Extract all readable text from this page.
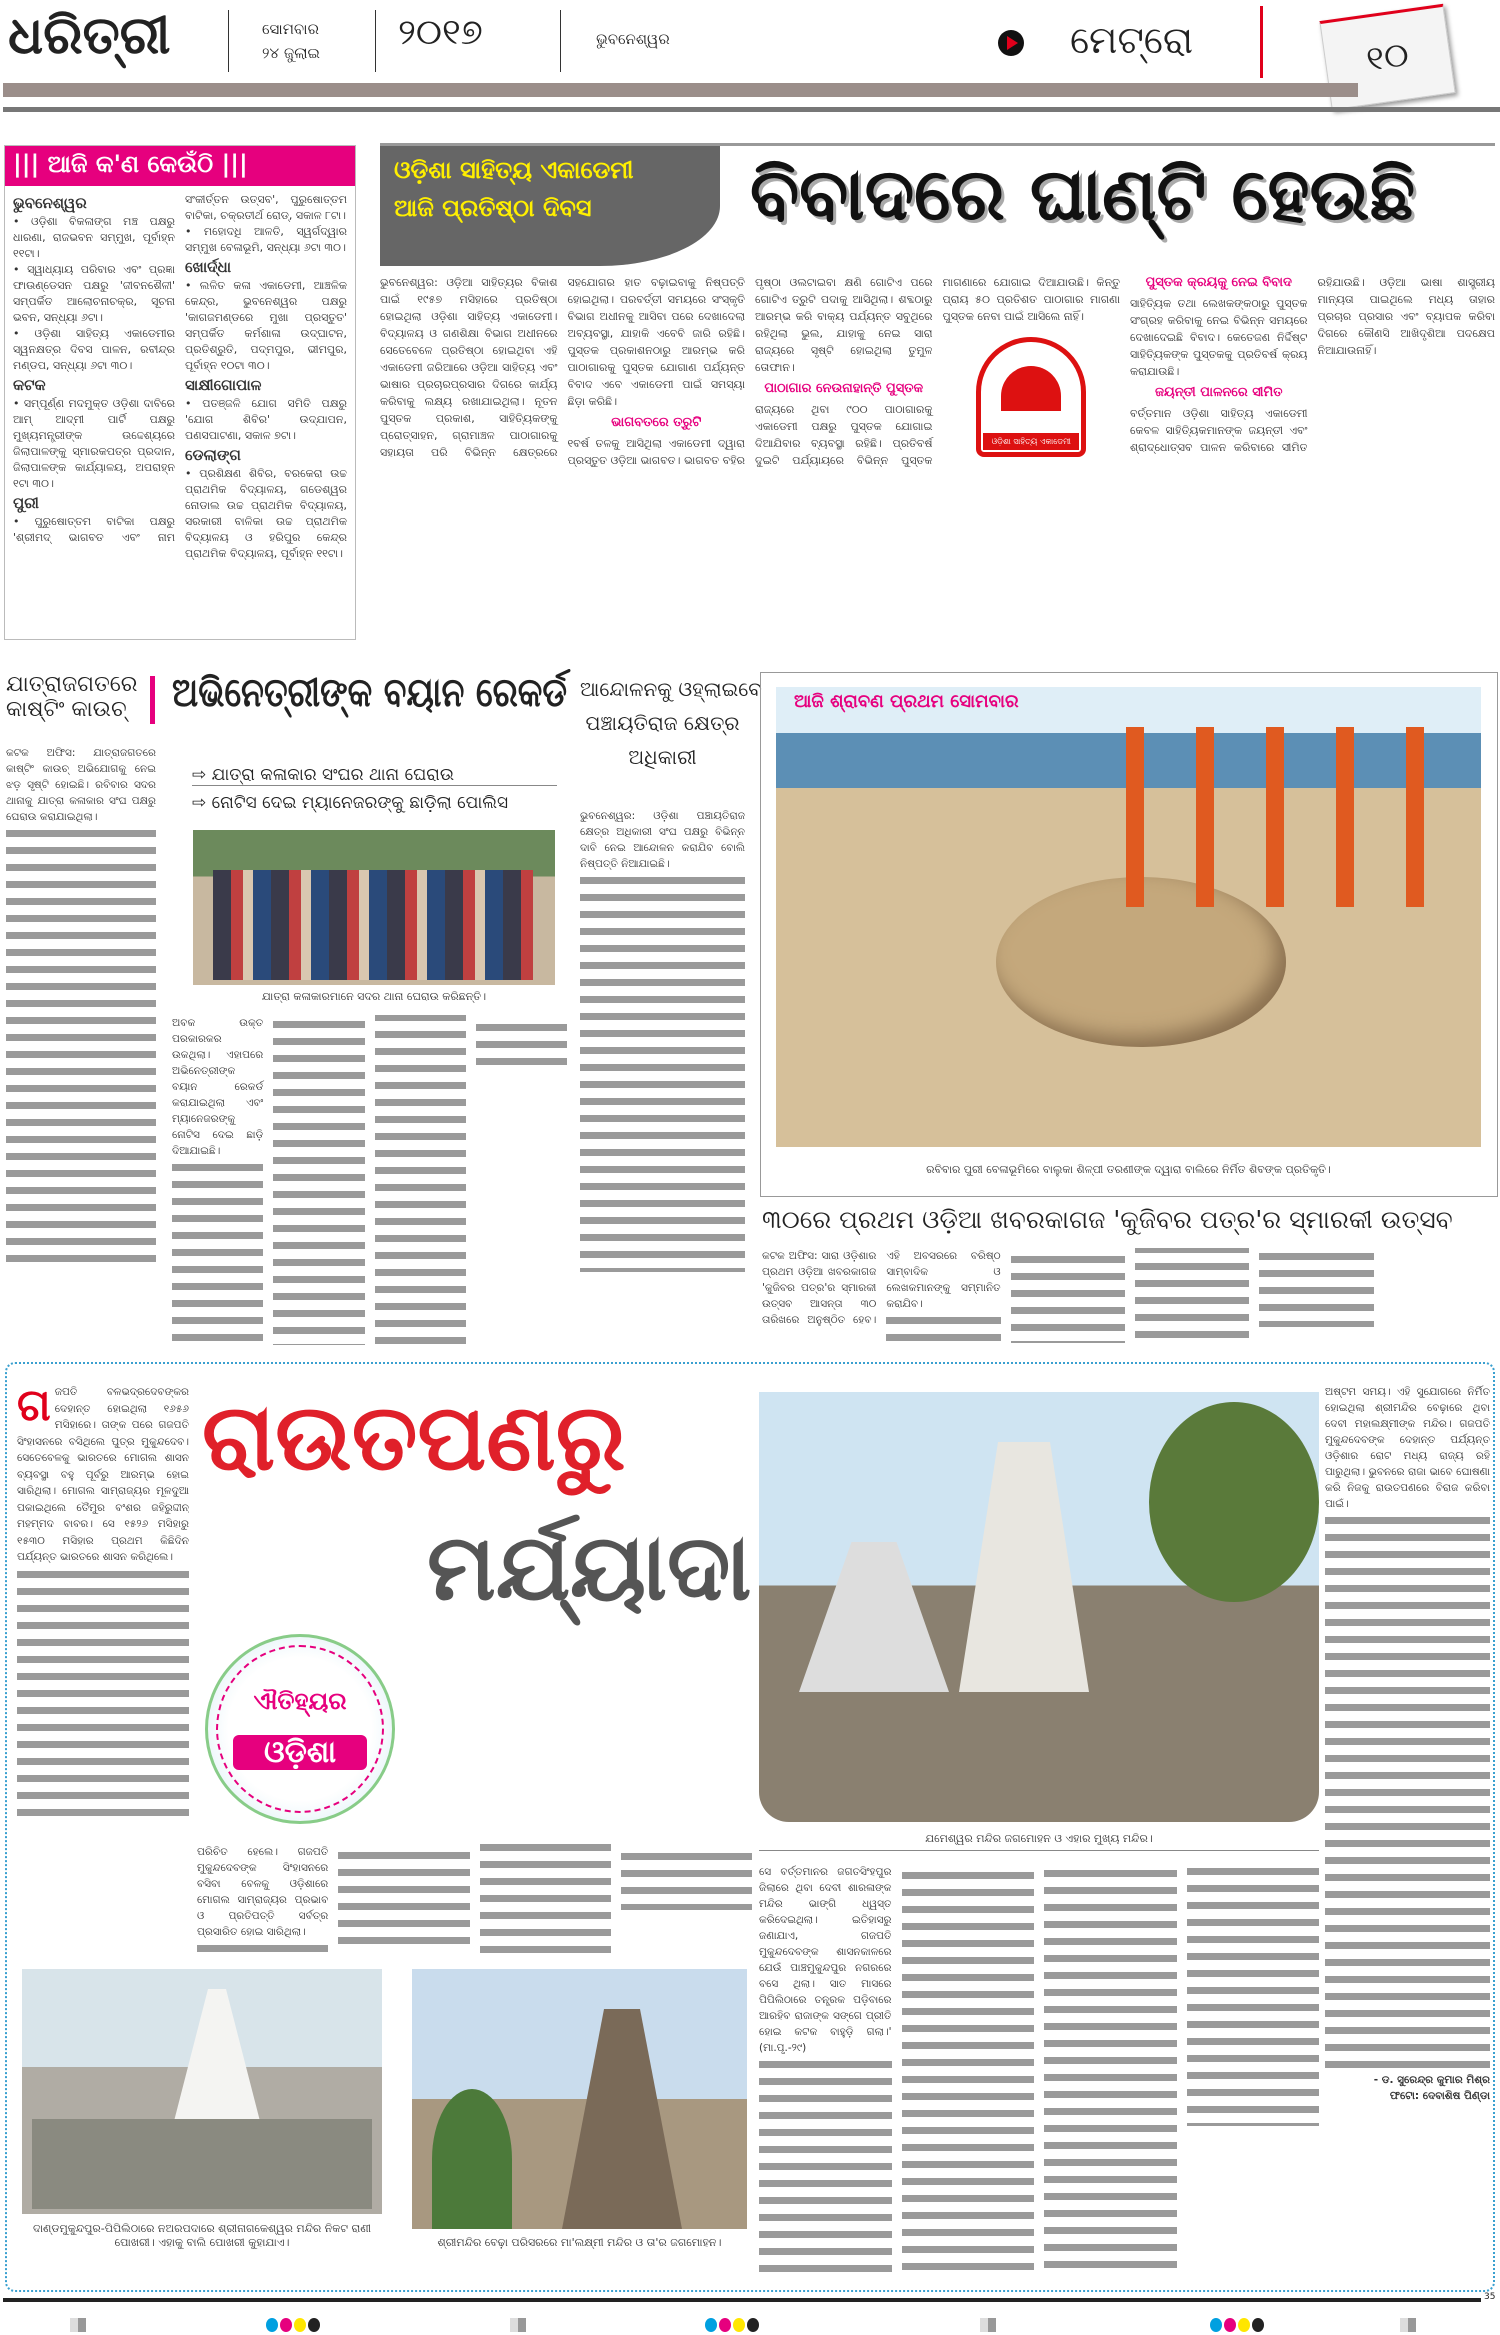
ଧରିତ୍ରୀ	ସୋମବାର
୨୪ ଜୁଲାଇ ୨୦୧୭	ଭୁବନେଶ୍ୱର	ମେଟ୍ରୋ	୧୦
||| ଆଜି କ'ଣ କେଉଁଠି |||
ଭୁବନେଶ୍ୱର
• ଓଡ଼ିଶା ବିକଳାଙ୍ଗ ମଞ୍ଚ ପକ୍ଷରୁ ଧାରଣା, ରାଜଭବନ ସମ୍ମୁଖ, ପୂର୍ବାହ୍ନ ୧୧ଟା।
• ସ୍ୱାଧ୍ୟାୟ ପରିବାର ଏବଂ ପ୍ରଜ୍ଞା ଫାଉଣ୍ଡେସନ ପକ୍ଷରୁ 'ଜୀବନଶୈଳୀ' ସମ୍ପର୍କିତ ଆଲୋଚନାଚକ୍ର, ସୂଚନା ଭବନ, ସନ୍ଧ୍ୟା ୬ଟା।
• ଓଡ଼ିଶା ସାହିତ୍ୟ ଏକାଡେମୀର ସ୍ୱନକ୍ଷତ୍ର ଦିବସ ପାଳନ, ରବୀନ୍ଦ୍ର ମଣ୍ଡପ, ସନ୍ଧ୍ୟା ୬ଟା ୩୦।
କଟକ
• ସମ୍ପୂର୍ଣ୍ଣ ମଦମୁକ୍ତ ଓଡ଼ିଶା ଦାବିରେ ଆମ୍ ଆଦ୍‌ମୀ ପାର୍ଟି ପକ୍ଷରୁ ମୁଖ୍ୟମନ୍ତ୍ରୀଙ୍କ ଉଦ୍ଦେଶ୍ୟରେ ଜିଲାପାଳଙ୍କୁ ସ୍ମାରକପତ୍ର ପ୍ରଦାନ, ଜିଲାପାଳଙ୍କ କାର୍ଯ୍ୟାଳୟ, ଅପରାହ୍ନ ୧ଟା ୩୦।
ପୁରୀ
• ପୁରୁଷୋତ୍ତମ ବାଟିକା ପକ୍ଷରୁ 'ଶ୍ରୀମଦ୍ ଭାଗବତ ଏବଂ ନାମ ସଂକୀର୍ତ୍ତନ ଉତ୍ସବ', ପୁରୁଷୋତ୍ତମ ବାଟିକା, ଚକ୍ରତୀର୍ଥ ରୋଡ୍, ସକାଳ ୮ଟା।
• ମହୋଦଧି ଆଳତି, ସ୍ୱର୍ଗଦ୍ୱାର ସମ୍ମୁଖ ବେଳାଭୂମି, ସନ୍ଧ୍ୟା ୬ଟା ୩୦।
ଖୋର୍ଦ୍ଧା
• ଲଳିତ କଳା ଏକାଡେମୀ, ଆଞ୍ଚଳିକ କେନ୍ଦ୍ର, ଭୁବନେଶ୍ୱର ପକ୍ଷରୁ 'କାଗଜମଣ୍ଡରେ ମୁଖା ପ୍ରସ୍ତୁତ' ସମ୍ପର୍କିତ କର୍ମଶାଳା ଉଦ୍‌ଘାଟନ, ପ୍ରତିଶ୍ରୁତି, ପଦ୍ମପୁର, ଭୀମପୁର, ପୂର୍ବାହ୍ନ ୧୦ଟା ୩୦।
ସାକ୍ଷୀଗୋପାଳ
• ପତଞ୍ଜଳି ଯୋଗ ସମିତି ପକ୍ଷରୁ 'ଯୋଗ ଶିବିର' ଉଦ୍‌ଯାପନ, ପଣସପାଟଣା, ସକାଳ ୭ଟା।
ଡେଲାଙ୍ଗ
• ପ୍ରଶିକ୍ଷଣ ଶିବିର, ବରକେରା ଉଚ୍ଚ ପ୍ରାଥମିକ ବିଦ୍ୟାଳୟ, ଗଡେଶ୍ୱର ନୋଡାଲ ଉଚ୍ଚ ପ୍ରାଥମିକ ବିଦ୍ୟାଳୟ, ସରକାରୀ ବାଳିକା ଉଚ୍ଚ ପ୍ରାଥମିକ ବିଦ୍ୟାଳୟ ଓ ହରିପୁର କେନ୍ଦ୍ର ପ୍ରାଥମିକ ବିଦ୍ୟାଳୟ, ପୂର୍ବାହ୍ନ ୧୧ଟା।
ଓଡ଼ିଶା ସାହିତ୍ୟ ଏକାଡେମୀ ଆଜି ପ୍ରତିଷ୍ଠା ଦିବସ	ବିବାଦରେ ଘାଣ୍ଟି ହେଉଛି

ଭୁବନେଶ୍ୱର: ଓଡ଼ିଆ ସାହିତ୍ୟର ବିକାଶ ପାଇଁ ୧୯୫୭ ମସିହାରେ ପ୍ରତିଷ୍ଠା ହୋଇଥିଲା ଓଡ଼ିଶା ସାହିତ୍ୟ ଏକାଡେମୀ। ବିଦ୍ୟାଳୟ ଓ ଗଣଶିକ୍ଷା ବିଭାଗ ଅଧୀନରେ ସେତେବେଳେ ପ୍ରତିଷ୍ଠା ହୋଇଥିବା ଏହି ଏକାଡେମୀ ଜରିଆରେ ଓଡ଼ିଆ ସାହିତ୍ୟ ଏବଂ ଭାଷାର ପ୍ରଚାରପ୍ରସାର ଦିଗରେ କାର୍ଯ୍ୟ କରିବାକୁ ଲକ୍ଷ୍ୟ ରଖାଯାଇଥିଲା। ନୂତନ ପୁସ୍ତକ ପ୍ରକାଶ, ସାହିତ୍ୟିକଙ୍କୁ ପ୍ରୋତ୍ସାହନ, ଗ୍ରାମାଞ୍ଚଳ ପାଠାଗାରକୁ ସହାୟତା ପରି ବିଭିନ୍ନ କ୍ଷେତ୍ରରେ ସହଯୋଗର ହାତ ବଢ଼ାଇବାକୁ ନିଷ୍ପତ୍ତି ହୋଇଥିଲା। ପରବର୍ତ୍ତୀ ସମୟରେ ସଂସ୍କୃତି ବିଭାଗ ଅଧୀନକୁ ଆସିବା ପରେ ଦେଖାଦେଲା ଅବ୍ୟବସ୍ଥା, ଯାହାକି ଏବେବି ଜାରି ରହିଛି। ପୁସ୍ତକ ପ୍ରକାଶନଠାରୁ ଆରମ୍ଭ କରି ପାଠାଗାରକୁ ପୁସ୍ତକ ଯୋଗାଣ ପର୍ଯ୍ୟନ୍ତ ବିବାଦ ଏବେ ଏକାଡେମୀ ପାଇଁ ସମସ୍ୟା ଛିଡ଼ା କରିଛି।

ଭାଗବତରେ ତ୍ରୁଟି

୧ବର୍ଷ ତଳକୁ ଆସିଥିଲା ଏକାଡେମୀ ଦ୍ୱାରା ପ୍ରସ୍ତୁତ ଓଡ଼ିଆ ଭାଗବତ। ଭାଗବତ ବହିର ପୃଷ୍ଠା ଓଲଟାଇବା କ୍ଷଣି ଗୋଟିଏ ପରେ ଗୋଟିଏ ତ୍ରୁଟି ପଦାକୁ ଆସିଥିଲା। ଶବ୍ଦଠାରୁ ଆରମ୍ଭ କରି ବାକ୍ୟ ପର୍ଯ୍ୟନ୍ତ ସବୁଥିରେ ରହିଥିଲା ଭୁଲ, ଯାହାକୁ ନେଇ ସାରା ରାଜ୍ୟରେ ସୃଷ୍ଟି ହୋଇଥିଲା ତୁମୁଳ ତୋଫାନ।

ପାଠାଗାର ନେଉନାହାନ୍ତି ପୁସ୍ତକ

ରାଜ୍ୟରେ ଥିବା ୯୦୦ ପାଠାଗାରକୁ ଏକାଡେମୀ ପକ୍ଷରୁ ପୁସ୍ତକ ଯୋଗାଇ ଦିଆଯିବାର ବ୍ୟବସ୍ଥା ରହିଛି। ପ୍ରତିବର୍ଷ ଦୁଇଟି ପର୍ଯ୍ୟାୟରେ ବିଭିନ୍ନ ପୁସ୍ତକ ମାଗଣାରେ ଯୋଗାଇ ଦିଆଯାଉଛି। କିନ୍ତୁ ପ୍ରାୟ ୫୦ ପ୍ରତିଶତ ପାଠାଗାର ମାଗଣା ପୁସ୍ତକ ନେବା ପାଇଁ ଆସିଲେ ନାହିଁ।

ଓଡ଼ିଶା ସାହିତ୍ୟ ଏକାଡେମୀ

ପୁସ୍ତକ କ୍ରୟକୁ ନେଇ ବିବାଦ

ସାହିତ୍ୟିକ ତଥା ଲେଖକଙ୍କଠାରୁ ପୁସ୍ତକ ସଂଗ୍ରହ କରିବାକୁ ନେଇ ବିଭିନ୍ନ ସମୟରେ ଦେଖାଦେଇଛି ବିବାଦ। କେତେଜଣ ନିର୍ଦ୍ଦିଷ୍ଟ ସାହିତ୍ୟିକଙ୍କ ପୁସ୍ତକକୁ ପ୍ରତିବର୍ଷ କ୍ରୟ କରାଯାଉଛି।

ଜୟନ୍ତୀ ପାଳନରେ ସୀମିତ

ବର୍ତ୍ତମାନ ଓଡ଼ିଶା ସାହିତ୍ୟ ଏକାଡେମୀ କେବଳ ସାହିତ୍ୟିକମାନଙ୍କ ଜୟନ୍ତୀ ଏବଂ ଶ୍ରାଦ୍ଧୋତ୍ସବ ପାଳନ କରିବାରେ ସୀମିତ ରହିଯାଉଛି। ଓଡ଼ିଆ ଭାଷା ଶାସ୍ତ୍ରୀୟ ମାନ୍ୟତା ପାଇଥିଲେ ମଧ୍ୟ ତାହାର ପ୍ରଚାର ପ୍ରସାର ଏବଂ ବ୍ୟାପକ କରିବା ଦିଗରେ କୌଣସି ଆଖିଦୃଶିଆ ପଦକ୍ଷେପ ନିଆଯାଉନାହିଁ।

ଯାତ୍ରାଜଗତରେ କାଷ୍ଟିଂ କାଉଚ୍

କଟକ ଅଫିସ: ଯାତ୍ରାଜଗତରେ କାଷ୍ଟିଂ କାଉଚ୍ ଅଭିଯୋଗକୁ ନେଇ ଝଡ଼ ସୃଷ୍ଟି ହୋଇଛି। ରବିବାର ସଦର ଥାନାକୁ ଯାତ୍ରା କଳାକାର ସଂଘ ପକ୍ଷରୁ ଘେରାଉ କରାଯାଇଥିଲା।

ଅଭିନେତ୍ରୀଙ୍କ ବୟାନ ରେକର୍ଡ
⇨ ଯାତ୍ରା କଳାକାର ସଂଘର ଥାନା ଘେରାଉ
⇨ ନୋଟିସ ଦେଇ ମ୍ୟାନେଜରଙ୍କୁ ଛାଡ଼ିଲା ପୋଲିସ
ଯାତ୍ରା କଳାକାରମାନେ ସଦର ଥାନା ଘେରାଉ କରିଛନ୍ତି।

ଅବକ ଉକ୍ତ ପରକାରକର ଉକଥିଲା। ଏହାପରେ ଅଭିନେତ୍ରୀଙ୍କ ବୟାନ ରେକର୍ଡ କରାଯାଇଥିଲା ଏବଂ ମ୍ୟାନେଜରଙ୍କୁ ନୋଟିସ ଦେଇ ଛାଡ଼ି ଦିଆଯାଇଛି।

ଆନ୍ଦୋଳନକୁ ଓହ୍ଲାଇବେ
ପଞ୍ଚାୟତିରାଜ କ୍ଷେତ୍ର
ଅଧିକାରୀ

ଭୁବନେଶ୍ୱର: ଓଡ଼ିଶା ପଞ୍ଚାୟତିରାଜ କ୍ଷେତ୍ର ଅଧିକାରୀ ସଂଘ ପକ୍ଷରୁ ବିଭିନ୍ନ ଦାବି ନେଇ ଆନ୍ଦୋଳନ କରାଯିବ ବୋଲି ନିଷ୍ପତ୍ତି ନିଆଯାଇଛି।

ଆଜି ଶ୍ରାବଣ ପ୍ରଥମ ସୋମବାର
ରବିବାର ପୁରୀ ବେଳାଭୂମିରେ ବାଲୁକା ଶିଳ୍ପୀ ତରଣୀଙ୍କ ଦ୍ୱାରା ବାଲିରେ ନିର୍ମିତ ଶିବଙ୍କ ପ୍ରତିକୃତି।
୩୦ରେ ପ୍ରଥମ ଓଡ଼ିଆ ଖବରକାଗଜ 'କୁଜିବର ପତ୍ର'ର ସ୍ମାରକୀ ଉତ୍ସବ

କଟକ ଅଫିସ: ସାରା ଓଡ଼ିଶାର ପ୍ରଥମ ଓଡ଼ିଆ ଖବରକାଗଜ 'କୁଜିବର ପତ୍ର'ର ସ୍ମାରକୀ ଉତ୍ସବ ଆସନ୍ତା ୩୦ ତାରିଖରେ ଅନୁଷ୍ଠିତ ହେବ। ଏହି ଅବସରରେ ବରିଷ୍ଠ ସାମ୍ବାଦିକ ଓ ଲେଖକମାନଙ୍କୁ ସମ୍ମାନିତ କରାଯିବ।

ଗ ଜପତି ବଳଭଦ୍ରଦେବଙ୍କର ଦେହାନ୍ତ ହୋଇଥିଲା ୧୬୫୬ ମସିହାରେ। ତାଙ୍କ ପରେ ଗଜପତି ସିଂହାସନରେ ବସିଥିଲେ ପୁତ୍ର ମୁକୁନ୍ଦଦେବ। ସେତେବେଳକୁ ଭାରତରେ ମୋଗଲ ଶାସନ ବ୍ୟବସ୍ଥା ବହୁ ପୂର୍ବରୁ ଆରମ୍ଭ ହୋଇ ସାରିଥିଲା। ମୋଗଲ ସାମ୍ରାଜ୍ୟର ମୂଳଦୁଆ ପକାଇଥିଲେ ତୈମୁର ବଂଶର ଜହିରୁଦ୍ଦୀନ୍ ମହମ୍ମଦ ବାବର। ସେ ୧୫୨୬ ମସିହାରୁ ୧୫୩୦ ମସିହାର ପ୍ରଥମ କିଛିଦିନ ପର୍ଯ୍ୟନ୍ତ ଭାରତରେ ଶାସନ କରିଥିଲେ।
ରାଉତପଣରୁ
ମର୍ଯ୍ୟାଦା
ଐତିହ୍ୟର
ଓଡ଼ିଶା

ପରିଚିତ ହେଲେ। ଗଜପତି ମୁକୁନ୍ଦଦେବଙ୍କ ସିଂହାସନରେ ବସିବା ବେଳକୁ ଓଡ଼ିଶାରେ ମୋଗଲ ସାମ୍ରାଜ୍ୟର ପ୍ରଭାବ ଓ ପ୍ରତିପତ୍ତି ସର୍ବତ୍ର ପ୍ରସାରିତ ହୋଇ ସାରିଥିଲା।

ଯମେଶ୍ୱର ମନ୍ଦିର ଜଗମୋହନ ଓ ଏହାର ମୁଖ୍ୟ ମନ୍ଦିର।

ଅଷ୍ଟମ ସମୟ। ଏହି ସୁଯୋଗରେ ନିର୍ମିତ ହୋଇଥିଲା ଶ୍ରୀମନ୍ଦିର ବେଢ଼ାରେ ଥିବା ଦେବୀ ମହାଲକ୍ଷ୍ମୀଙ୍କ ମନ୍ଦିର। ଗଜପତି ମୁକୁନ୍ଦଦେବଙ୍କ ଦେହାନ୍ତ ପର୍ଯ୍ୟନ୍ତ ଓଡ଼ିଶାର ରୋଟ ମଧ୍ୟ ରାଜ୍ୟ ରହି ପାରୁଥିଲା। ଭୁବନରେ ରାଜା ଭାବେ ଘୋଷଣା କରି ନିଜକୁ ରାଉତପଣରେ ବିରାଜ କରିବା ପାଇଁ।

- ଡ. ସୁରେନ୍ଦ୍ର କୁମାର ମିଶ୍ର

ଫଟୋ: ଦେବାଶିଷ ପିଣ୍ଡା

ସେ ବର୍ତ୍ତମାନର ଜଗତସିଂହପୁର ଜିଲାରେ ଥିବା ଦେବୀ ଶାରଳାଙ୍କ ମନ୍ଦିର ଭାଙ୍ଗି ଧ୍ୱସ୍ତ କରିଦେଇଥିଲା। ଇତିହାସରୁ ଜଣାଯାଏ, ଗଜପତି ମୁକୁନ୍ଦଦେବଙ୍କ ଶାସନକାଳରେ ଯେଉଁ ପାଞ୍ଚମୁକୁନ୍ଦପୁର ନଗରରେ ବସେ ଥିଲା। ସାତ ମାସରେ ପିପିଲିଠାରେ ତନ୍ତ୍ରକ ପଡ଼ିବାରେ ଆରହିବ ରାଜାଙ୍କ ସଙ୍ଗେ ପ୍ରୀତି ହୋଇ କଟକ ବାହୁଡ଼ି ଗଲା।' (ମା.ପୃ.-୨୯)

ଦାଣ୍ଡମୁକୁନ୍ଦପୁର-ପିପିଲିଠାରେ ନଅରପଦାରେ ଶ୍ରୀନାଗକେଶ୍ୱର ମନ୍ଦିର ନିକଟ ରାଣୀ ପୋଖରୀ। ଏହାକୁ ବାଲି ପୋଖରୀ କୁହାଯାଏ।	ଶ୍ରୀମନ୍ଦିର ବେଢ଼ା ପରିସରରେ ମା'ଲକ୍ଷ୍ମୀ ମନ୍ଦିର ଓ ତା'ର ଜଗମୋହନ।
35
